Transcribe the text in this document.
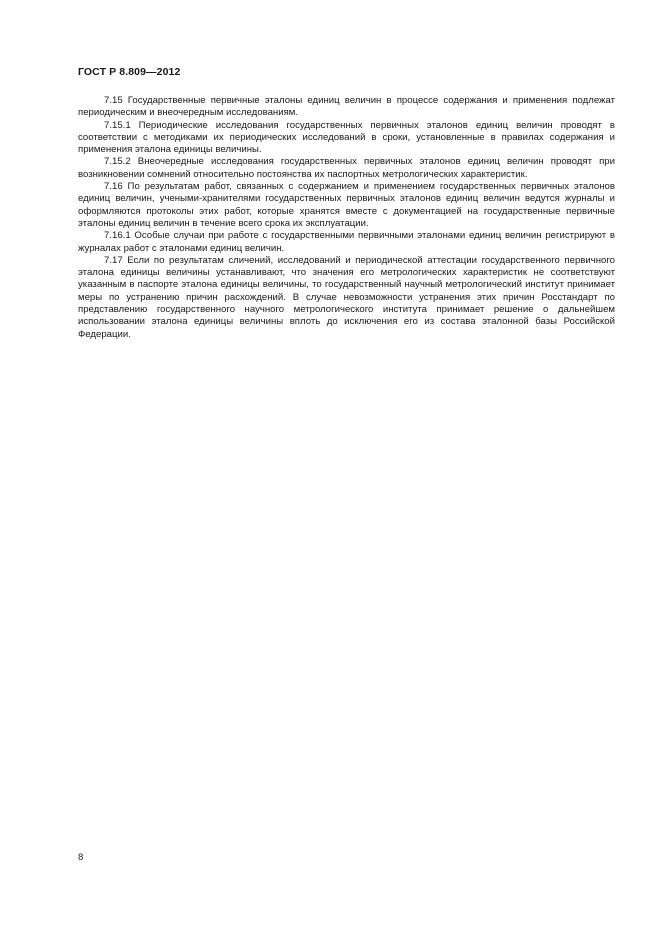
ГОСТ Р 8.809—2012

7.15 Государственные первичные эталоны единиц величин в процессе содержания и применения подлежат периодическим и внеочередным исследованиям.

7.15.1 Периодические исследования государственных первичных эталонов единиц величин проводят в соответствии с методиками их периодических исследований в сроки, установленные в правилах содержания и применения эталона единицы величины.

7.15.2 Внеочередные исследования государственных первичных эталонов единиц величин проводят при возникновении сомнений относительно постоянства их паспортных метрологических характеристик.

7.16 По результатам работ, связанных с содержанием и применением государственных первичных эталонов единиц величин, учеными-хранителями государственных первичных эталонов единиц величин ведутся журналы и оформляются протоколы этих работ, которые хранятся вместе с документацией на государственные первичные эталоны единиц величин в течение всего срока их эксплуатации.

7.16.1 Особые случаи при работе с государственными первичными эталонами единиц величин регистрируют в журналах работ с эталонами единиц величин.

7.17 Если по результатам сличений, исследований и периодической аттестации государственного первичного эталона единицы величины устанавливают, что значения его метрологических характеристик не соответствуют указанным в паспорте эталона единицы величины, то государственный научный метрологический институт принимает меры по устранению причин расхождений. В случае невозможности устранения этих причин Росстандарт по представлению государственного научного метрологического института принимает решение о дальнейшем использовании эталона единицы величины вплоть до исключения его из состава эталонной базы Российской Федерации.

8
